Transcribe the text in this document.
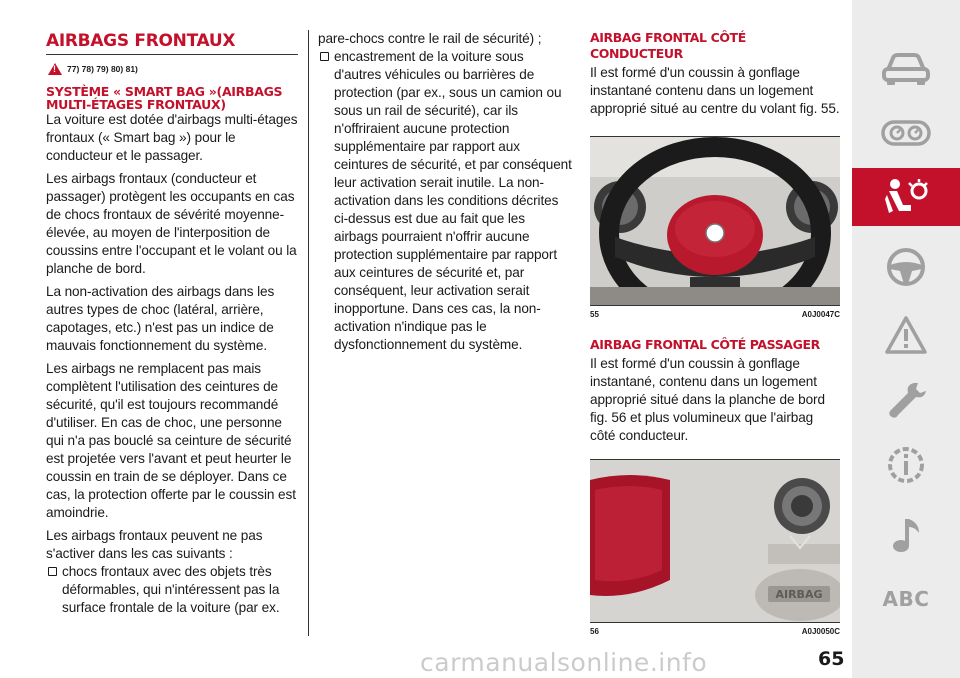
AIRBAGS FRONTAUX
!
77) 78) 79) 80) 81)
SYSTÈME « SMART BAG »(AIRBAGS
MULTI-ÉTAGES FRONTAUX)

La voiture est dotée d'airbags multi-étages frontaux (« Smart bag ») pour le conducteur et le passager.

Les airbags frontaux (conducteur et passager) protègent les occupants en cas de chocs frontaux de sévérité moyenne-élevée, au moyen de l'interposition de coussins entre l'occupant et le volant ou la planche de bord.

La non-activation des airbags dans les autres types de choc (latéral, arrière, capotages, etc.) n'est pas un indice de mauvais fonctionnement du système.

Les airbags ne remplacent pas mais complètent l'utilisation des ceintures de sécurité, qu'il est toujours recommandé d'utiliser. En cas de choc, une personne qui n'a pas bouclé sa ceinture de sécurité est projetée vers l'avant et peut heurter le coussin en train de se déployer. Dans ce cas, la protection offerte par le coussin est amoindrie.

Les airbags frontaux peuvent ne pas s'activer dans les cas suivants :

chocs frontaux avec des objets très déformables, qui n'intéressent pas la surface frontale de la voiture (par ex.

pare-chocs contre le rail de sécurité) ;

encastrement de la voiture sous d'autres véhicules ou barrières de protection (par ex., sous un camion ou sous un rail de sécurité), car ils n'offriraient aucune protection supplémentaire par rapport aux ceintures de sécurité, et par conséquent leur activation serait inutile. La non-activation dans les conditions décrites ci-dessus est due au fait que les airbags pourraient n'offrir aucune protection supplémentaire par rapport aux ceintures de sécurité et, par conséquent, leur activation serait inopportune. Dans ces cas, la non-activation n'indique pas le dysfonctionnement du système.
AIRBAG FRONTAL CÔTÉ CONDUCTEUR

Il est formé d'un coussin à gonflage instantané contenu dans un logement approprié situé au centre du volant fig. 55.

55	A0J0047C
AIRBAG FRONTAL CÔTÉ PASSAGER

Il est formé d'un coussin à gonflage instantané, contenu dans un logement approprié situé dans la planche de bord fig. 56 et plus volumineux que l'airbag côté conducteur.

AIRBAG
56	A0J0050C
ABC
carmanualsonline.info	65
